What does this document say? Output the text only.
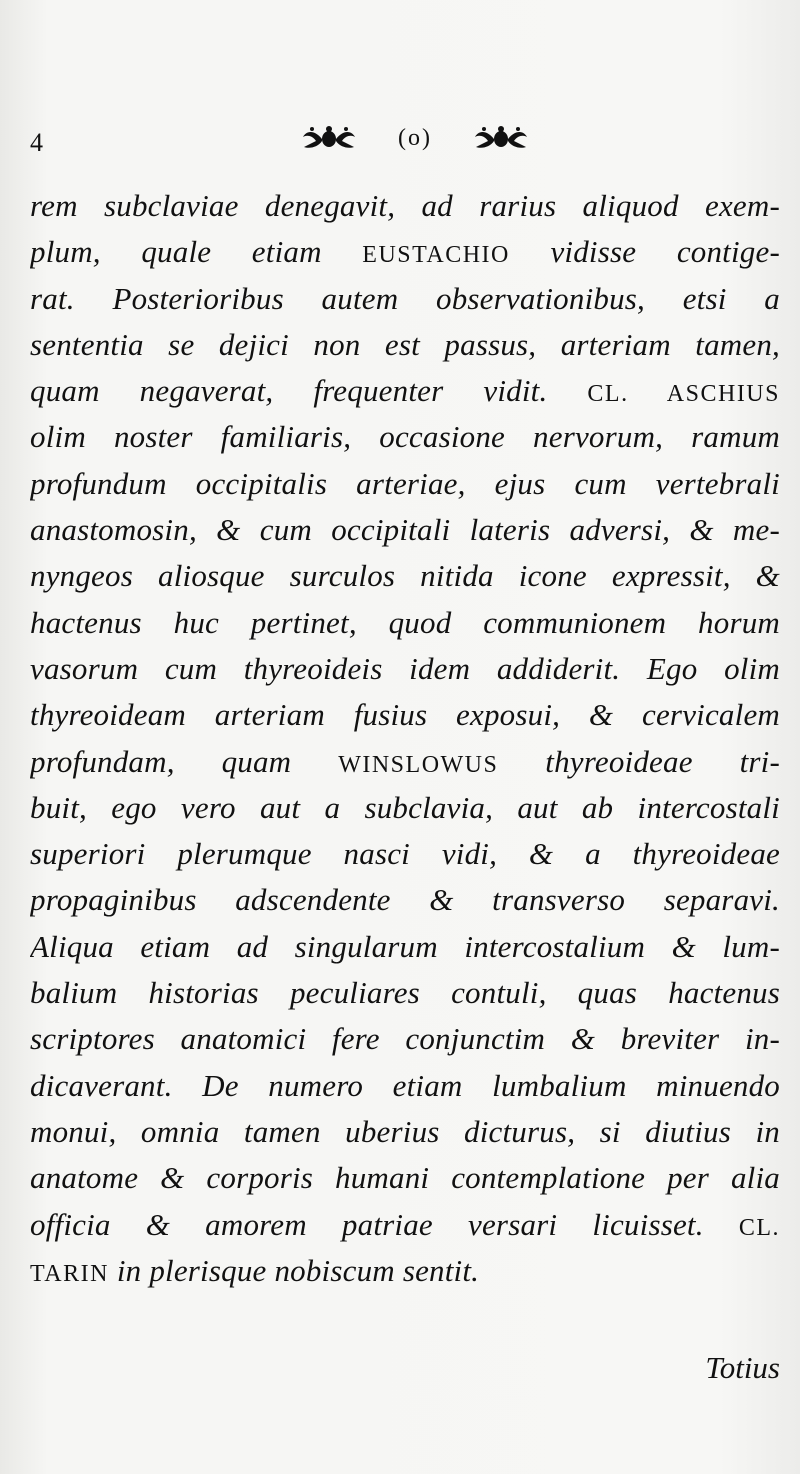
4	(o)
rem subclaviae denegavit, ad rarius aliquod exem-
plum, quale etiam EUSTACHIO vidisse contige-
rat. Posterioribus autem observationibus, etsi a
sententia se dejici non est passus, arteriam tamen,
quam negaverat, frequenter vidit. CL. ASCHIUS
olim noster familiaris, occasione nervorum, ramum
profundum occipitalis arteriae, ejus cum vertebrali
anastomosin, & cum occipitali lateris adversi, & me-
nyngeos aliosque surculos nitida icone expressit, &
hactenus huc pertinet, quod communionem horum
vasorum cum thyreoideis idem addiderit. Ego olim
thyreoideam arteriam fusius exposui, & cervicalem
profundam, quam WINSLOWUS thyreoideae tri-
buit, ego vero aut a subclavia, aut ab intercostali
superiori plerumque nasci vidi, & a thyreoideae
propaginibus adscendente & transverso separavi.
Aliqua etiam ad singularum intercostalium & lum-
balium historias peculiares contuli, quas hactenus
scriptores anatomici fere conjunctim & breviter in-
dicaverant. De numero etiam lumbalium minuendo
monui, omnia tamen uberius dicturus, si diutius in
anatome & corporis humani contemplatione per alia
officia & amorem patriae versari licuisset. CL.
TARIN in plerisque nobiscum sentit.
Totius
